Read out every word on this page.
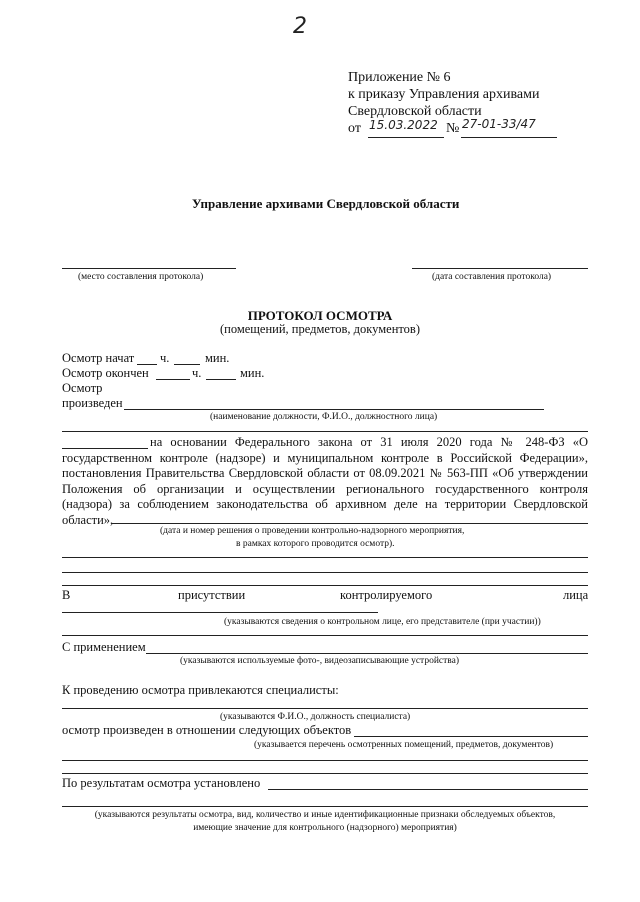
2
Приложение № 6
к приказу Управления архивами
Свердловской области
от 15.03.2022 № 27-01-33/47
Управление архивами Свердловской области
(место составления протокола)	(дата составления протокола)
ПРОТОКОЛ ОСМОТРА
(помещений, предметов, документов)
Осмотр начат ч.	мин.
Осмотр окончен	ч.	мин.
Осмотр
произведен
(наименование должности, Ф.И.О., должностного лица)
на основании Федерального закона от 31 июля 2020 года № 248-ФЗ «О
государственном контроле (надзоре) и муниципальном контроле в Российской Федерации»,
постановления Правительства Свердловской области от 08.09.2021 № 563-ПП «Об утверждении
Положения об организации и осуществлении регионального государственного контроля
(надзора) за соблюдением законодательства об архивном деле на территории Свердловской
области»,
(дата и номер решения о проведении контрольно-надзорного мероприятия,
в рамках которого проводится осмотр).
В	присутствии	контролируемого	лица
(указываются сведения о контрольном лице, его представителе (при участии))
С применением
(указываются используемые фото-, видеозаписывающие устройства)
К проведению осмотра привлекаются специалисты:
(указываются Ф.И.О., должность специалиста)
осмотр произведен в отношении следующих объектов
(указывается перечень осмотренных помещений, предметов, документов)
По результатам осмотра установлено
(указываются результаты осмотра, вид, количество и иные идентификационные признаки обследуемых объектов,
имеющие значение для контрольного (надзорного) мероприятия)
